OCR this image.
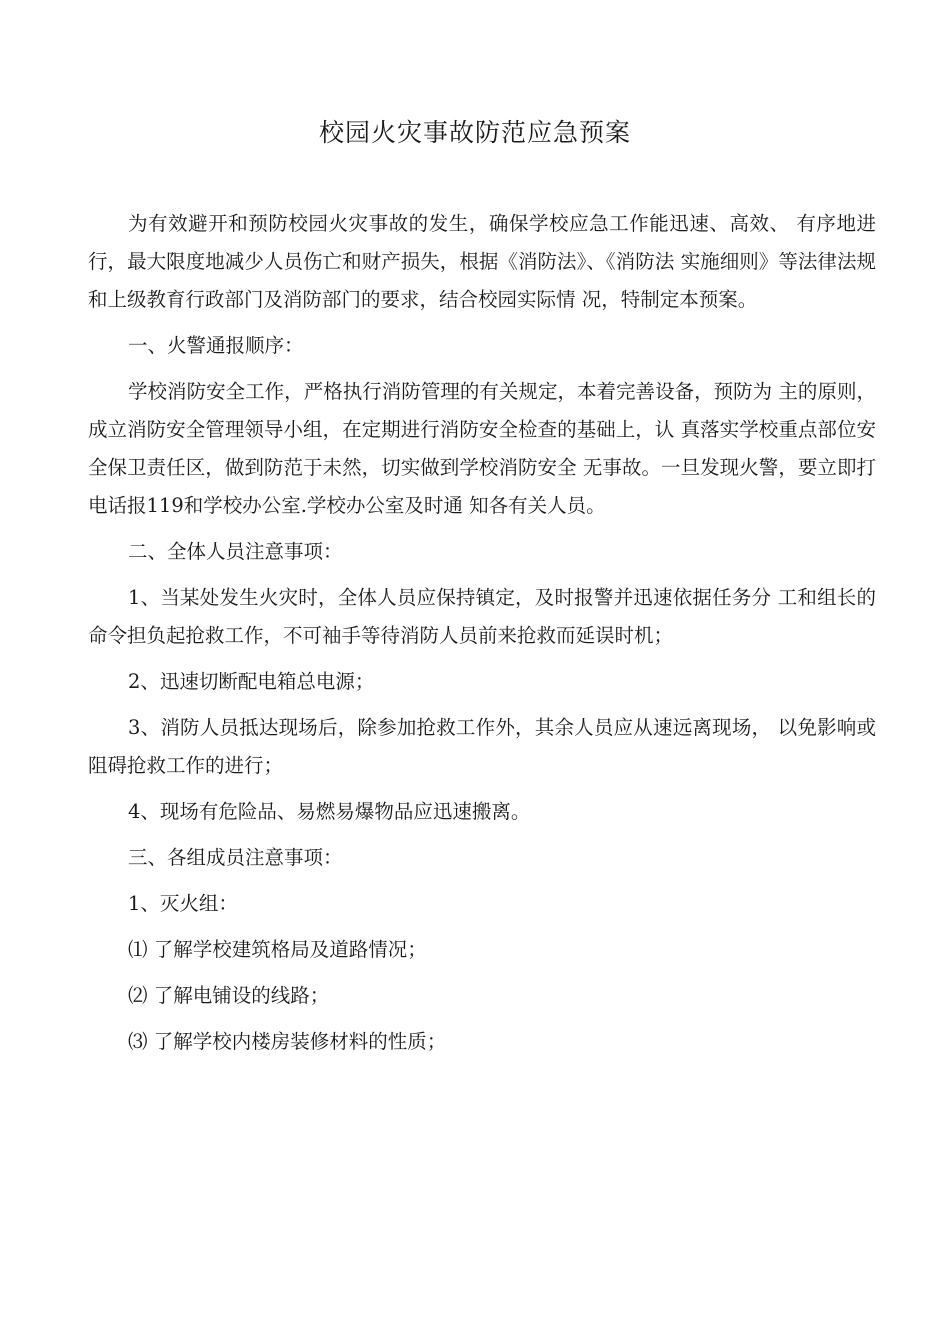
校园火灾事故防范应急预案

为有效避开和预防校园火灾事故的发生，确保学校应急工作能迅速、高效、 有序地进行，最大限度地减少人员伤亡和财产损失，根据《消防法》、《消防法 实施细则》等法律法规和上级教育行政部门及消防部门的要求，结合校园实际情 况，特制定本预案。

一、火警通报顺序：

学校消防安全工作，严格执行消防管理的有关规定，本着完善设备，预防为 主的原则，成立消防安全管理领导小组，在定期进行消防安全检查的基础上，认 真落实学校重点部位安全保卫责任区，做到防范于未然，切实做到学校消防安全 无事故。一旦发现火警，要立即打电话报119和学校办公室.学校办公室及时通 知各有关人员。

二、全体人员注意事项：

1、当某处发生火灾时，全体人员应保持镇定，及时报警并迅速依据任务分 工和组长的命令担负起抢救工作，不可袖手等待消防人员前来抢救而延误时机；

2、迅速切断配电箱总电源；

3、消防人员抵达现场后，除参加抢救工作外，其余人员应从速远离现场， 以免影响或阻碍抢救工作的进行；

4、现场有危险品、易燃易爆物品应迅速搬离。

三、各组成员注意事项：

1、灭火组：

⑴ 了解学校建筑格局及道路情况；

⑵ 了解电铺设的线路；

⑶ 了解学校内楼房装修材料的性质；
